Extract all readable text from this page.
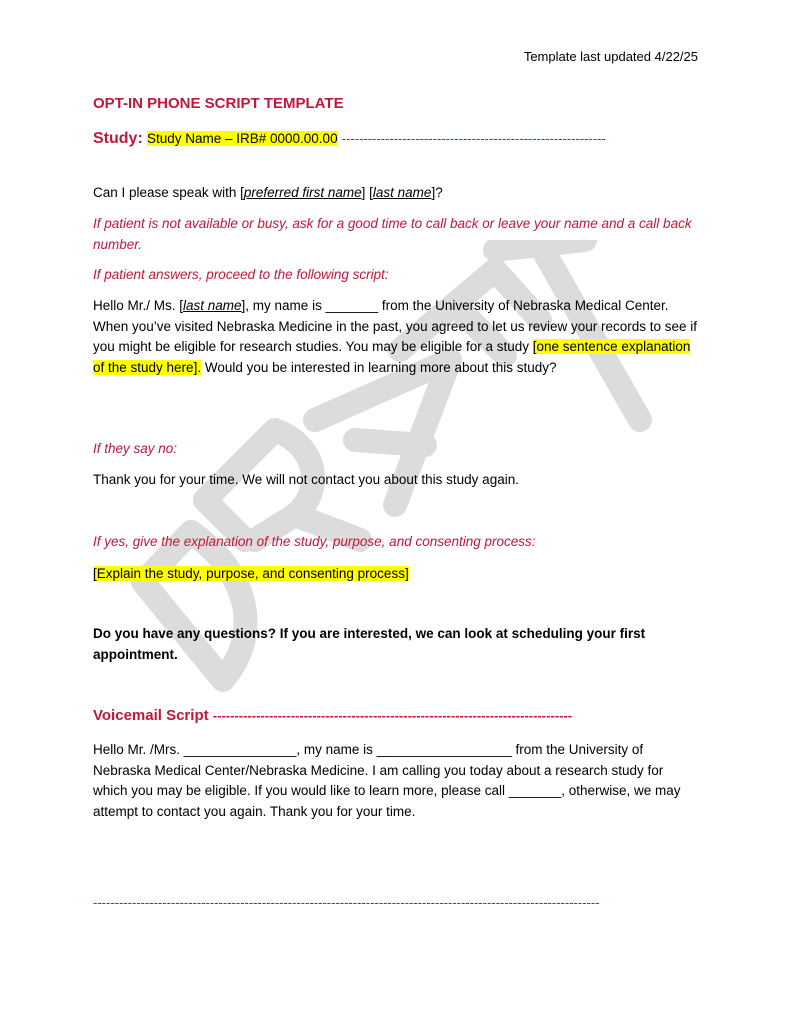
Template last updated 4/22/25
OPT-IN PHONE SCRIPT TEMPLATE
Study: Study Name – IRB# 0000.00.00 -------------------------------------------------------------
Can I please speak with [preferred first name] [last name]?
If patient is not available or busy, ask for a good time to call back or leave your name and a call back number.
If patient answers, proceed to the following script:
Hello Mr./ Ms. [last name], my name is _______ from the University of Nebraska Medical Center. When you’ve visited Nebraska Medicine in the past, you agreed to let us review your records to see if you might be eligible for research studies. You may be eligible for a study [one sentence explanation of the study here]. Would you be interested in learning more about this study?
If they say no:
Thank you for your time. We will not contact you about this study again.
If yes, give the explanation of the study, purpose, and consenting process:
[Explain the study, purpose, and consenting process]
Do you have any questions? If you are interested, we can look at scheduling your first appointment.
Voicemail Script -----------------------------------------------------------------------------------
Hello Mr. /Mrs. _______________, my name is __________________ from the University of Nebraska Medical Center/Nebraska Medicine. I am calling you today about a research study for which you may be eligible. If you would like to learn more, please call _______, otherwise, we may attempt to contact you again. Thank you for your time.
---------------------------------------------------------------------------------------------------------------------
